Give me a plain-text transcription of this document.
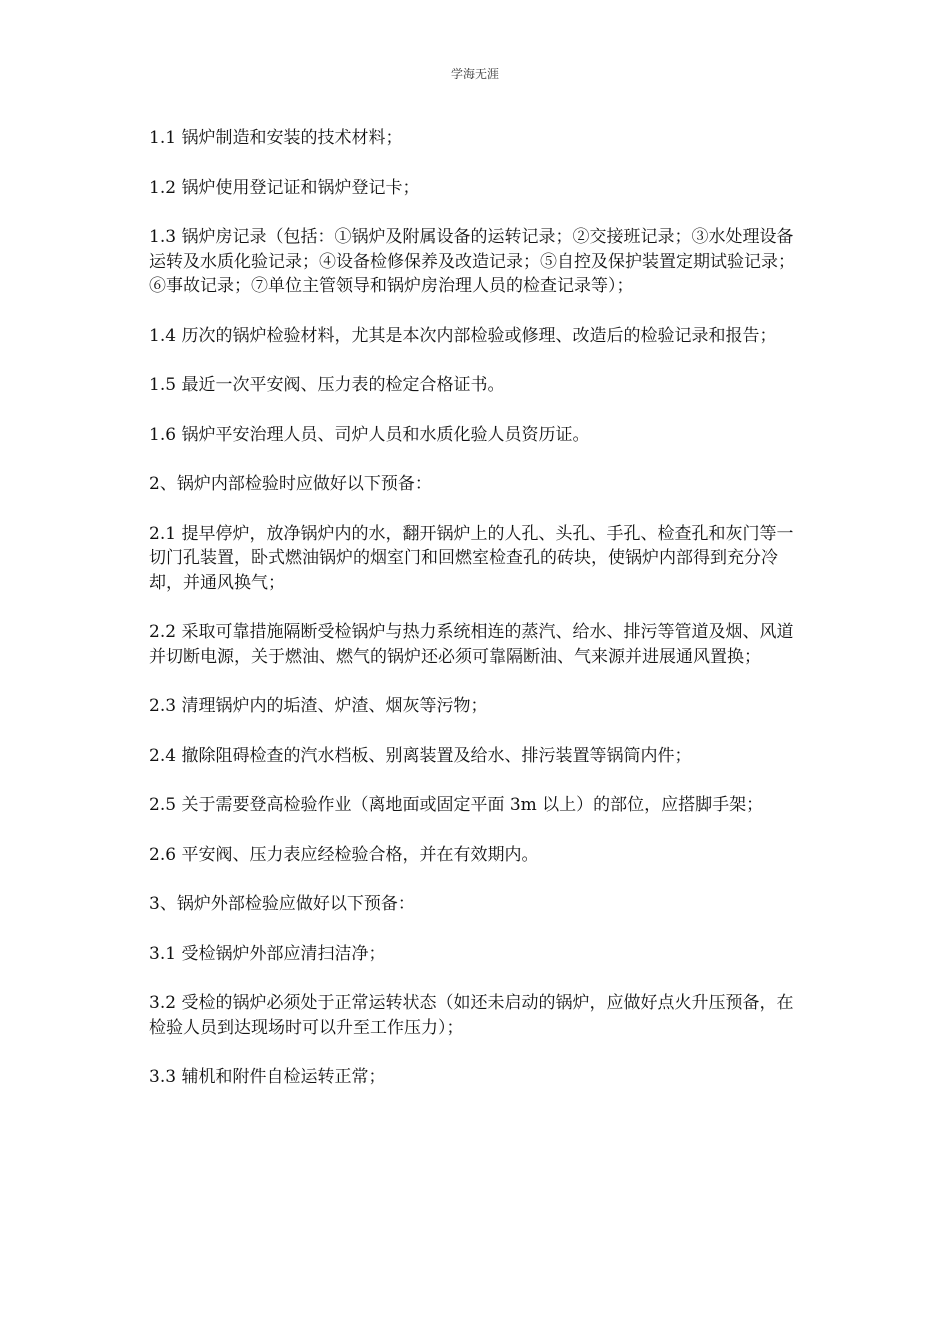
学海无涯

1.1 锅炉制造和安装的技术材料；

1.2 锅炉使用登记证和锅炉登记卡；

1.3 锅炉房记录（包括：①锅炉及附属设备的运转记录；②交接班记录；③水处理设备运转及水质化验记录；④设备检修保养及改造记录；⑤自控及保护装置定期试验记录；⑥事故记录；⑦单位主管领导和锅炉房治理人员的检查记录等）；

1.4 历次的锅炉检验材料，尤其是本次内部检验或修理、改造后的检验记录和报告；

1.5 最近一次平安阀、压力表的检定合格证书。

1.6 锅炉平安治理人员、司炉人员和水质化验人员资历证。

2、锅炉内部检验时应做好以下预备：

2.1 提早停炉，放净锅炉内的水，翻开锅炉上的人孔、头孔、手孔、检查孔和灰门等一切门孔装置，卧式燃油锅炉的烟室门和回燃室检查孔的砖块，使锅炉内部得到充分冷却，并通风换气；

2.2 采取可靠措施隔断受检锅炉与热力系统相连的蒸汽、给水、排污等管道及烟、风道并切断电源，关于燃油、燃气的锅炉还必须可靠隔断油、气来源并进展通风置换；

2.3 清理锅炉内的垢渣、炉渣、烟灰等污物；

2.4 撤除阻碍检查的汽水档板、别离装置及给水、排污装置等锅筒内件；

2.5 关于需要登高检验作业（离地面或固定平面 3m 以上）的部位，应搭脚手架；

2.6 平安阀、压力表应经检验合格，并在有效期内。

3、锅炉外部检验应做好以下预备：

3.1 受检锅炉外部应清扫洁净；

3.2 受检的锅炉必须处于正常运转状态（如还未启动的锅炉，应做好点火升压预备，在检验人员到达现场时可以升至工作压力）；

3.3 辅机和附件自检运转正常；
